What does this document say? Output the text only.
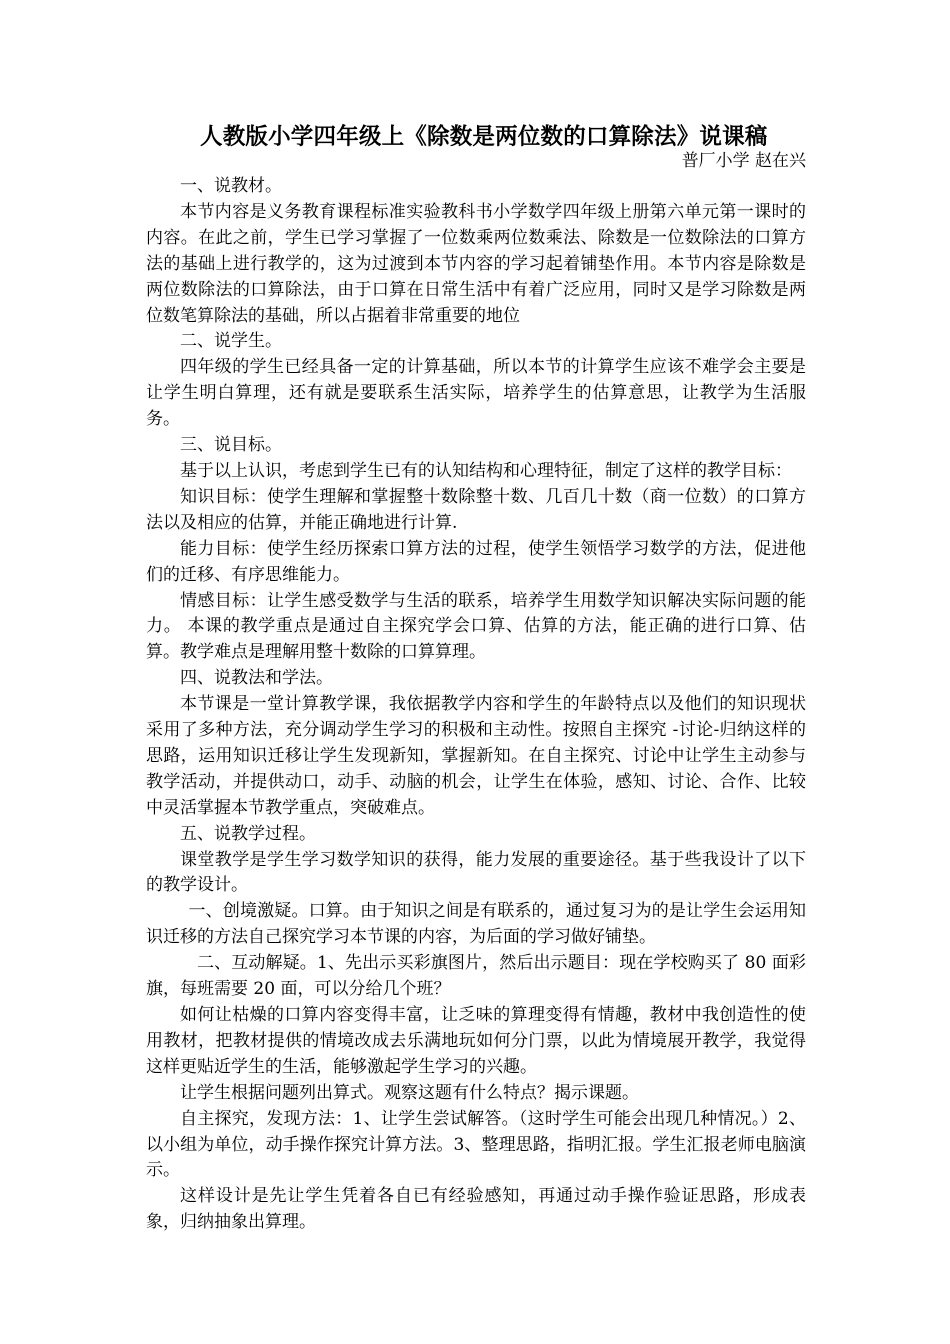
人教版小学四年级上《除数是两位数的口算除法》说课稿
普厂小学 赵在兴

一、说教材。

本节内容是义务教育课程标准实验教科书小学数学四年级上册第六单元第一课时的内容。在此之前，学生已学习掌握了一位数乘两位数乘法、除数是一位数除法的口算方法的基础上进行教学的，这为过渡到本节内容的学习起着铺垫作用。本节内容是除数是两位数除法的口算除法，由于口算在日常生活中有着广泛应用，同时又是学习除数是两位数笔算除法的基础，所以占据着非常重要的地位

二、说学生。

四年级的学生已经具备一定的计算基础，所以本节的计算学生应该不难学会主要是让学生明白算理，还有就是要联系生活实际，培养学生的估算意思，让教学为生活服务。

三、说目标。

基于以上认识，考虑到学生已有的认知结构和心理特征，制定了这样的教学目标：

知识目标：使学生理解和掌握整十数除整十数、几百几十数（商一位数）的口算方法以及相应的估算，并能正确地进行计算.

能力目标：使学生经历探索口算方法的过程，使学生领悟学习数学的方法，促进他们的迁移、有序思维能力。

情感目标：让学生感受数学与生活的联系，培养学生用数学知识解决实际问题的能力。 本课的教学重点是通过自主探究学会口算、估算的方法，能正确的进行口算、估算。教学难点是理解用整十数除的口算算理。

四、说教法和学法。

本节课是一堂计算教学课，我依据教学内容和学生的年龄特点以及他们的知识现状采用了多种方法，充分调动学生学习的积极和主动性。按照自主探究 -讨论-归纳这样的思路，运用知识迁移让学生发现新知，掌握新知。在自主探究、讨论中让学生主动参与教学活动，并提供动口，动手、动脑的机会，让学生在体验，感知、讨论、合作、比较中灵活掌握本节教学重点，突破难点。

五、说教学过程。

课堂教学是学生学习数学知识的获得，能力发展的重要途径。基于些我设计了以下的教学设计。

一、创境激疑。口算。由于知识之间是有联系的，通过复习为的是让学生会运用知识迁移的方法自己探究学习本节课的内容，为后面的学习做好铺垫。

二、互动解疑。1、先出示买彩旗图片，然后出示题目：现在学校购买了 80 面彩旗，每班需要 20 面，可以分给几个班？

如何让枯燥的口算内容变得丰富，让乏味的算理变得有情趣，教材中我创造性的使用教材，把教材提供的情境改成去乐满地玩如何分门票，以此为情境展开教学，我觉得这样更贴近学生的生活，能够激起学生学习的兴趣。

让学生根据问题列出算式。观察这题有什么特点？揭示课题。

自主探究，发现方法：1、让学生尝试解答。（这时学生可能会出现几种情况。）2、以小组为单位，动手操作探究计算方法。3、整理思路，指明汇报。学生汇报老师电脑演示。

这样设计是先让学生凭着各自已有经验感知，再通过动手操作验证思路，形成表象，归纳抽象出算理。
